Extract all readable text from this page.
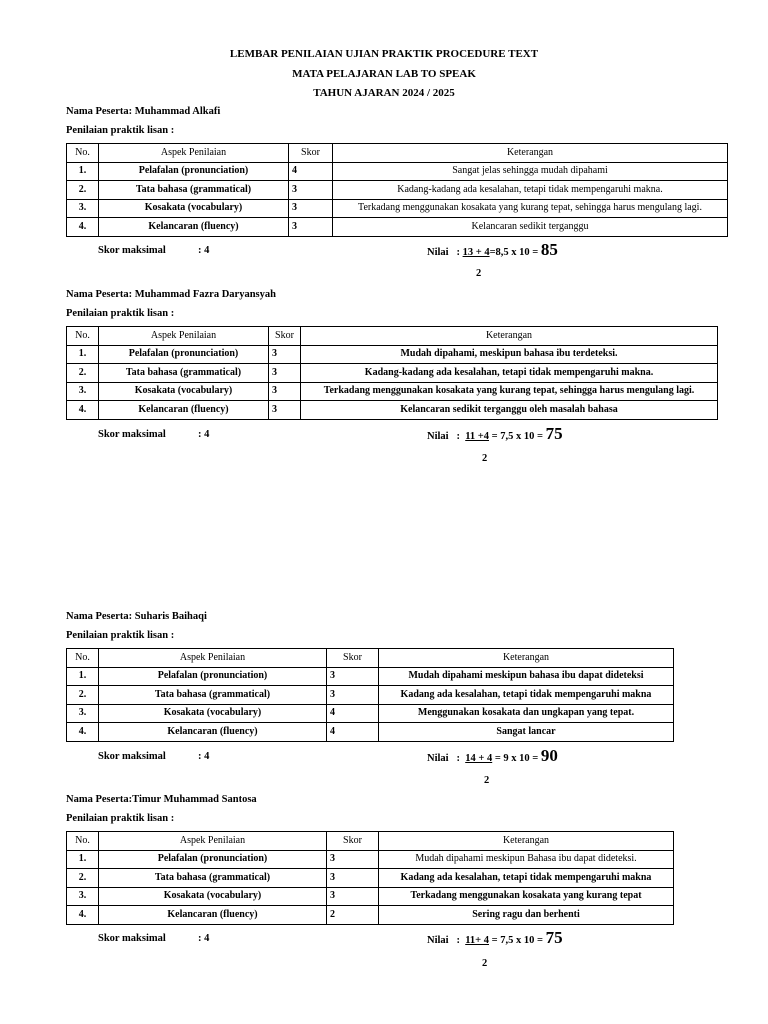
LEMBAR PENILAIAN UJIAN PRAKTIK PROCEDURE TEXT
MATA PELAJARAN LAB TO SPEAK
TAHUN AJARAN 2024 / 2025
Nama Peserta: Muhammad Alkafi
Penilaian praktik lisan :
No.	Aspek Penilaian	Skor	Keterangan
1.	Pelafalan (pronunciation)	4	Sangat jelas sehingga mudah dipahami
2.	Tata bahasa (grammatical)	3	Kadang-kadang ada kesalahan, tetapi tidak mempengaruhi makna.
3.	Kosakata (vocabulary)	3	Terkadang menggunakan kosakata yang kurang tepat, sehingga harus mengulang lagi.
4.	Kelancaran (fluency)	3	Kelancaran sedikit terganggu
Skor maksimal	: 4	Nilai : 13 + 4=8,5 x 10 = 85
2
Nama Peserta: Muhammad Fazra Daryansyah
Penilaian praktik lisan :
No.	Aspek Penilaian	Skor	Keterangan
1.	Pelafalan (pronunciation)	3	Mudah dipahami, meskipun bahasa ibu terdeteksi.
2.	Tata bahasa (grammatical)	3	Kadang-kadang ada kesalahan, tetapi tidak mempengaruhi makna.
3.	Kosakata (vocabulary)	3	Terkadang menggunakan kosakata yang kurang tepat, sehingga harus mengulang lagi.
4.	Kelancaran (fluency)	3	Kelancaran sedikit terganggu oleh masalah bahasa
Skor maksimal	: 4	Nilai : 11 +4 = 7,5 x 10 = 75
2
Nama Peserta: Suharis Baihaqi
Penilaian praktik lisan :
No.	Aspek Penilaian	Skor	Keterangan
1.	Pelafalan (pronunciation)	3	Mudah dipahami meskipun bahasa ibu dapat dideteksi
2.	Tata bahasa (grammatical)	3	Kadang ada kesalahan, tetapi tidak mempengaruhi makna
3.	Kosakata (vocabulary)	4	Menggunakan kosakata dan ungkapan yang tepat.
4.	Kelancaran (fluency)	4	Sangat lancar
Skor maksimal	: 4	Nilai : 14 + 4 = 9 x 10 = 90
2
Nama Peserta:Timur Muhammad Santosa
Penilaian praktik lisan :
No.	Aspek Penilaian	Skor	Keterangan
1.	Pelafalan (pronunciation)	3	Mudah dipahami meskipun Bahasa ibu dapat dideteksi.
2.	Tata bahasa (grammatical)	3	Kadang ada kesalahan, tetapi tidak mempengaruhi makna
3.	Kosakata (vocabulary)	3	Terkadang menggunakan kosakata yang kurang tepat
4.	Kelancaran (fluency)	2	Sering ragu dan berhenti
Skor maksimal	: 4	Nilai : 11+ 4 = 7,5 x 10 = 75
2
